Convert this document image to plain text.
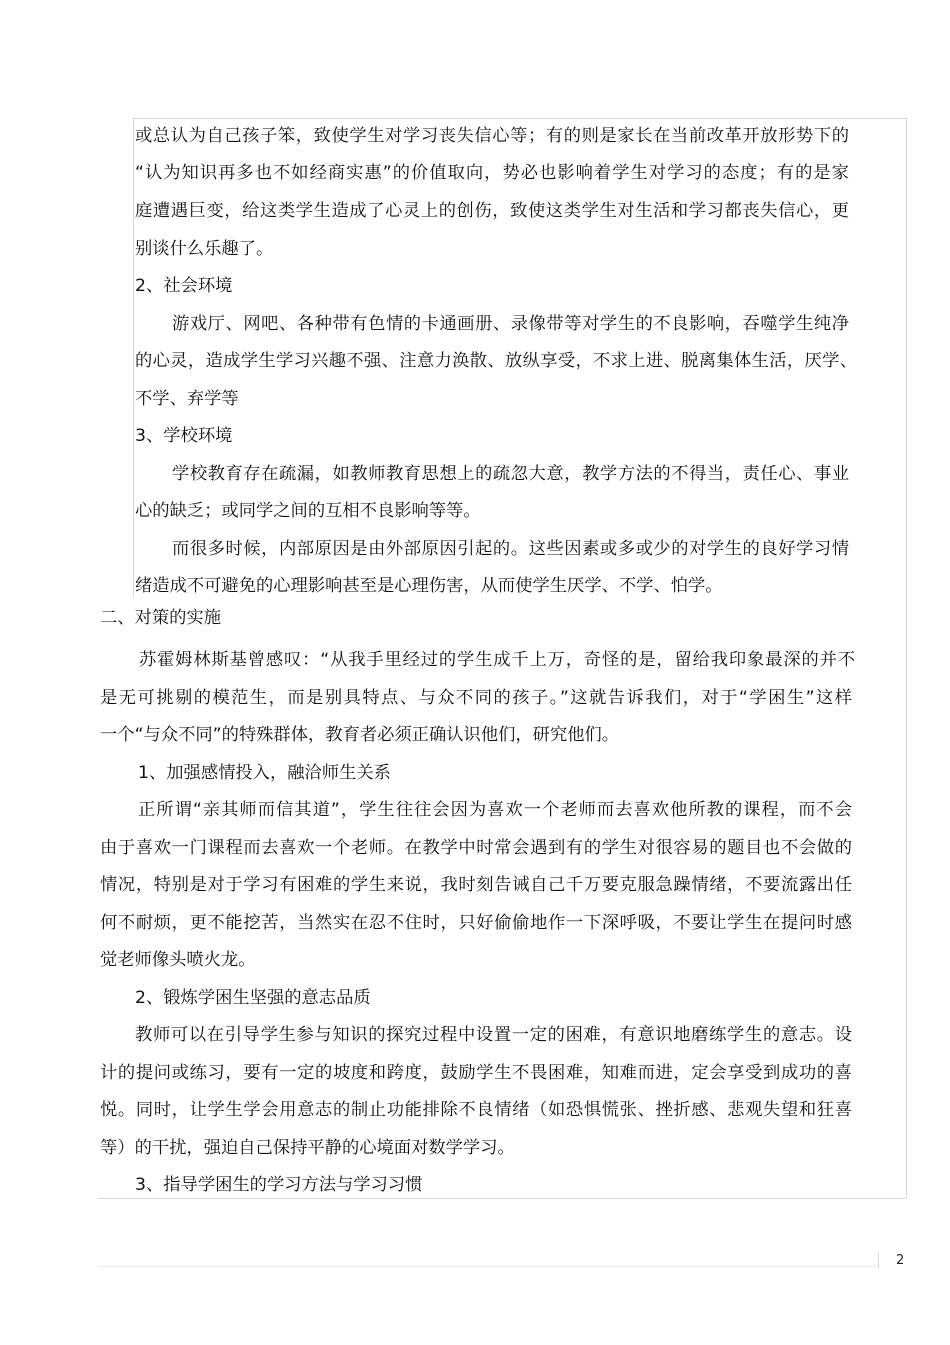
或总认为自己孩子笨，致使学生对学习丧失信心等；有的则是家长在当前改革开放形势下的
“认为知识再多也不如经商实惠”的价值取向，势必也影响着学生对学习的态度；有的是家
庭遭遇巨变，给这类学生造成了心灵上的创伤，致使这类学生对生活和学习都丧失信心，更
别谈什么乐趣了。
2、社会环境
游戏厅、网吧、各种带有色情的卡通画册、录像带等对学生的不良影响，吞噬学生纯净
的心灵，造成学生学习兴趣不强、注意力涣散、放纵享受，不求上进、脱离集体生活，厌学、
不学、弃学等
3、学校环境
学校教育存在疏漏，如教师教育思想上的疏忽大意，教学方法的不得当，责任心、事业
心的缺乏；或同学之间的互相不良影响等等。
而很多时候，内部原因是由外部原因引起的。这些因素或多或少的对学生的良好学习情
绪造成不可避免的心理影响甚至是心理伤害，从而使学生厌学、不学、怕学。
二、对策的实施
苏霍姆林斯基曾感叹：“从我手里经过的学生成千上万，奇怪的是，留给我印象最深的并不
是无可挑剔的模范生，而是别具特点、与众不同的孩子。”这就告诉我们，对于“学困生”这样
一个“与众不同”的特殊群体，教育者必须正确认识他们，研究他们。
1、加强感情投入，融洽师生关系
正所谓“亲其师而信其道”，学生往往会因为喜欢一个老师而去喜欢他所教的课程，而不会
由于喜欢一门课程而去喜欢一个老师。在教学中时常会遇到有的学生对很容易的题目也不会做的
情况，特别是对于学习有困难的学生来说，我时刻告诫自己千万要克服急躁情绪，不要流露出任
何不耐烦，更不能挖苦，当然实在忍不住时，只好偷偷地作一下深呼吸，不要让学生在提问时感
觉老师像头喷火龙。
2、锻炼学困生坚强的意志品质
教师可以在引导学生参与知识的探究过程中设置一定的困难，有意识地磨练学生的意志。设
计的提问或练习，要有一定的坡度和跨度，鼓励学生不畏困难，知难而进，定会享受到成功的喜
悦。同时，让学生学会用意志的制止功能排除不良情绪（如恐惧慌张、挫折感、悲观失望和狂喜
等）的干扰，强迫自己保持平静的心境面对数学学习。
3、指导学困生的学习方法与学习习惯
2
